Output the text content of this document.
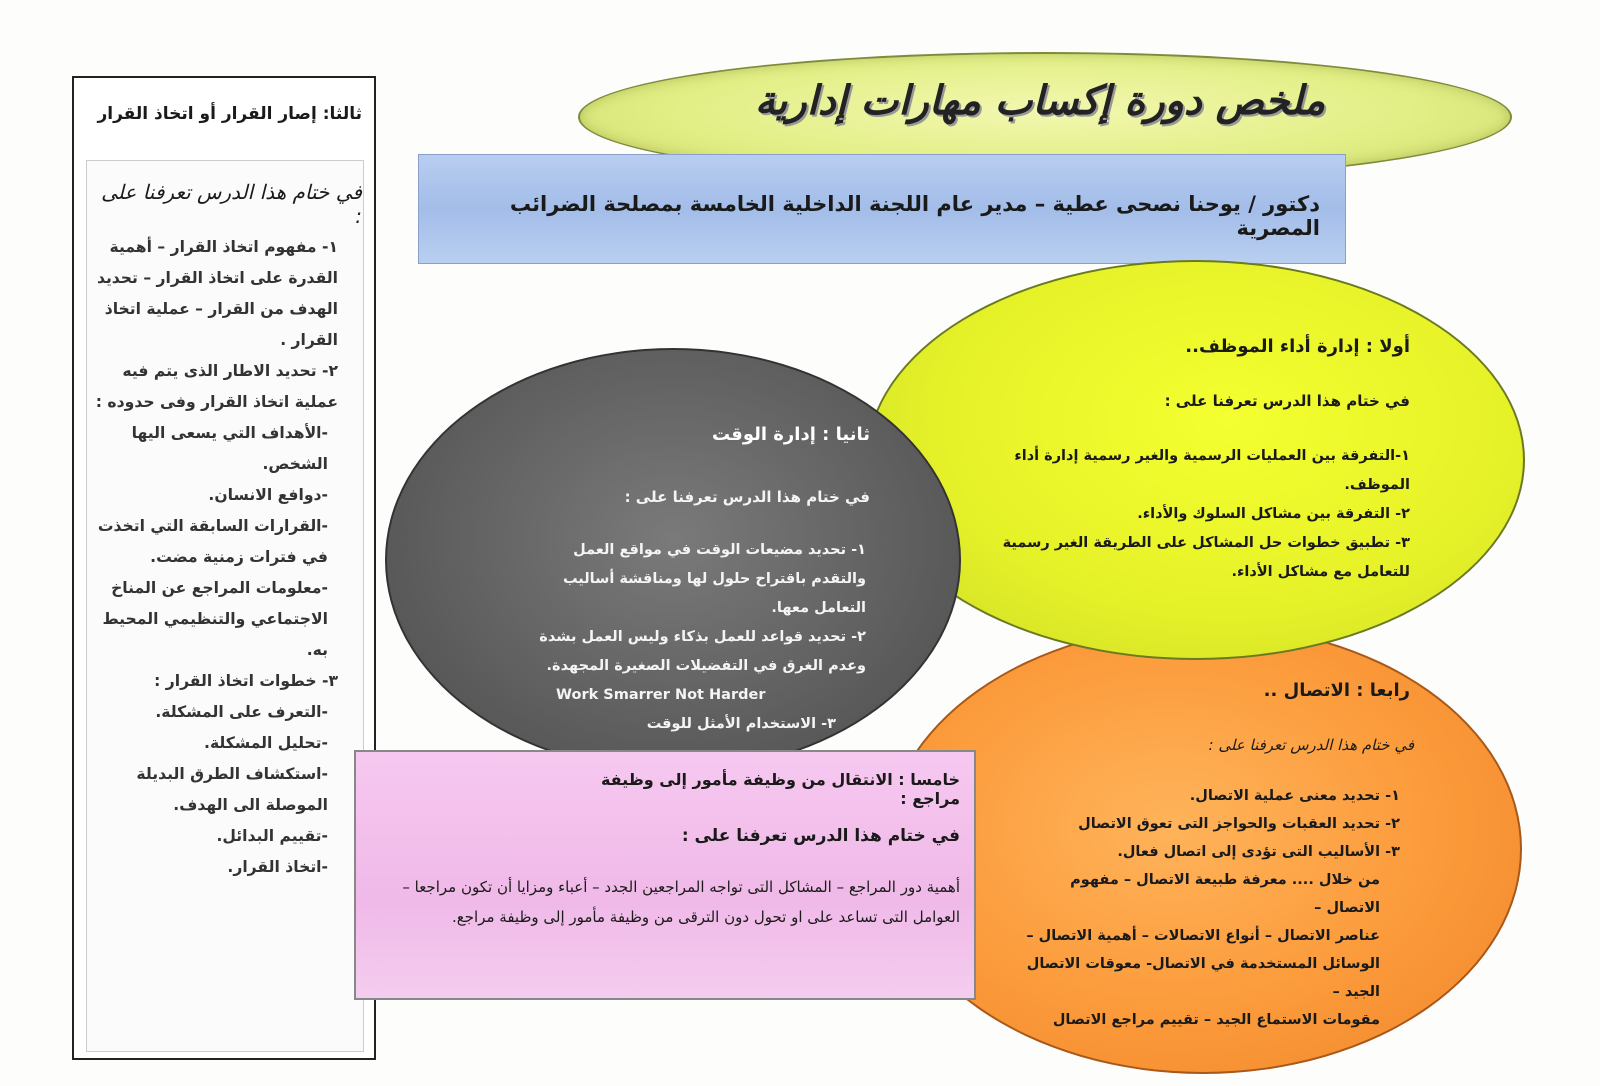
ملخص دورة إكساب مهارات إدارية
دكتور / يوحنا نصحى عطية – مدير عام اللجنة الداخلية الخامسة بمصلحة الضرائب المصرية
ثالثا: إصار القرار أو اتخاذ القرار
في ختام هذا الدرس تعرفنا على :
١- مفهوم اتخاذ القرار – أهمية القدرة على اتخاذ القرار – تحديد الهدف من القرار – عملية اتخاذ القرار .
٢- تحديد الاطار الذى يتم فيه عملية اتخاذ القرار وفى حدوده :
-الأهداف التي يسعى اليها الشخص.
-دوافع الانسان.
-القرارات السابقة التي اتخذت في فترات زمنية مضت.
-معلومات المراجع عن المناخ الاجتماعي والتنظيمي المحيط به.
٣- خطوات اتخاذ القرار :
-التعرف على المشكلة.
-تحليل المشكلة.
-استكشاف الطرق البديلة الموصلة الى الهدف.
-تقييم البدائل.
-اتخاذ القرار.
أولا : إدارة أداء الموظف..
في ختام هذا الدرس تعرفنا على :
١-التفرقة بين العمليات الرسمية والغير رسمية إدارة أداء الموظف.
٢- التفرقة بين مشاكل السلوك والأداء.
٣- تطبيق خطوات حل المشاكل على الطريقة الغير رسمية للتعامل مع مشاكل الأداء.
ثانيا : إدارة الوقت
في ختام هذا الدرس تعرفنا على :
١- تحديد مضيعات الوقت في مواقع العمل والتقدم باقتراح حلول لها ومناقشة أساليب التعامل معها.
٢- تحديد قواعد للعمل بذكاء وليس العمل بشدة وعدم الغرق في التفضيلات الصغيرة المجهدة.
Work Smarrer Not Harder
٣- الاستخدام الأمثل للوقت
رابعا : الاتصال ..
في ختام هذا الدرس تعرفنا على :
١- تحديد معنى عملية الاتصال.
٢- تحديد العقبات والحواجز التى تعوق الاتصال
٣- الأساليب التى تؤدى إلى اتصال فعال.
من خلال .... معرفة طبيعة الاتصال – مفهوم الاتصال –
عناصر الاتصال – أنواع الاتصالات – أهمية الاتصال –
الوسائل المستخدمة في الاتصال- معوقات الاتصال الجيد –
مقومات الاستماع الجيد – تقييم مراجع الاتصال
خامسا : الانتقال من وظيفة مأمور إلى وظيفة مراجع :
في ختام هذا الدرس تعرفنا على :
أهمية دور المراجع – المشاكل التى تواجه المراجعين الجدد – أعباء ومزايا أن تكون مراجعا – العوامل التى تساعد على او تحول دون الترقى من وظيفة مأمور إلى وظيفة مراجع.
